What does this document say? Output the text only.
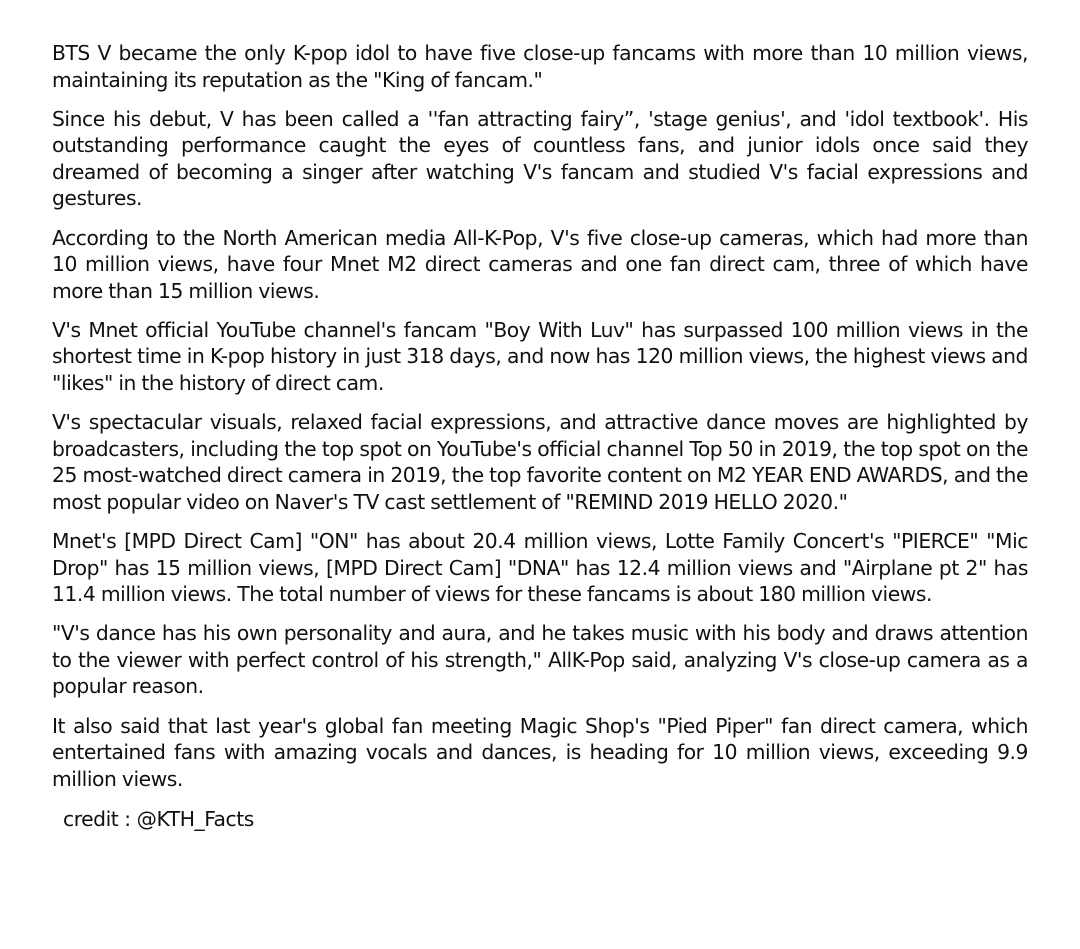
BTS V became the only K-pop idol to have five close-up fancams with more than 10 million views, maintaining its reputation as the "King of fancam."

Since his debut, V has been called a ''fan attracting fairy”, 'stage genius', and 'idol textbook'. His outstanding performance caught the eyes of countless fans, and junior idols once said they dreamed of becoming a singer after watching V's fancam and studied V's facial expressions and gestures.

According to the North American media All-K-Pop, V's five close-up cameras, which had more than 10 million views, have four Mnet M2 direct cameras and one fan direct cam, three of which have more than 15 million views.

V's Mnet official YouTube channel's fancam "Boy With Luv" has surpassed 100 million views in the shortest time in K-pop history in just 318 days, and now has 120 million views, the highest views and "likes" in the history of direct cam.

V's spectacular visuals, relaxed facial expressions, and attractive dance moves are highlighted by broadcasters, including the top spot on YouTube's official channel Top 50 in 2019, the top spot on the 25 most-watched direct camera in 2019, the top favorite content on M2 YEAR END AWARDS, and the most popular video on Naver's TV cast settlement of "REMIND 2019 HELLO 2020."

Mnet's [MPD Direct Cam] "ON" has about 20.4 million views, Lotte Family Concert's "PIERCE" "Mic Drop" has 15 million views, [MPD Direct Cam] "DNA" has 12.4 million views and "Airplane pt 2" has 11.4 million views. The total number of views for these fancams is about 180 million views.

"V's dance has his own personality and aura, and he takes music with his body and draws attention to the viewer with perfect control of his strength," AllK-Pop said, analyzing V's close-up camera as a popular reason.

It also said that last year's global fan meeting Magic Shop's "Pied Piper" fan direct camera, which entertained fans with amazing vocals and dances, is heading for 10 million views, exceeding 9.9 million views.

credit : @KTH_Facts
